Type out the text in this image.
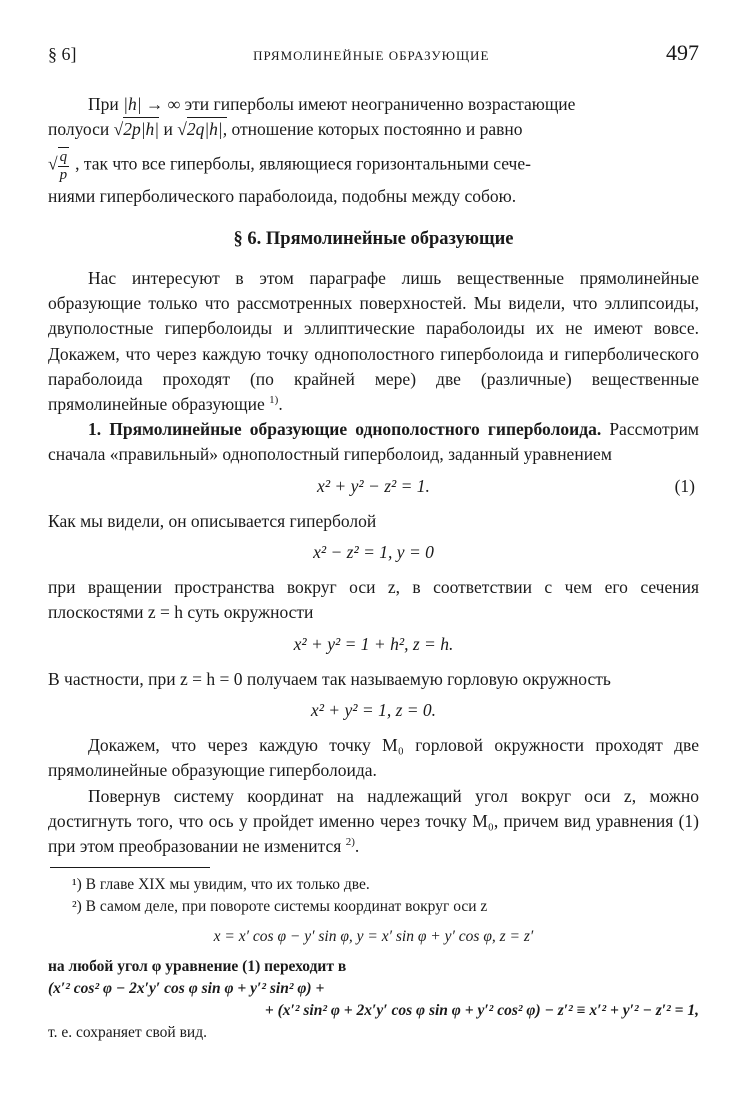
§ 6]	ПРЯМОЛИНЕЙНЫЕ ОБРАЗУЮЩИЕ	497

При |h| → ∞ эти гиперболы имеют неограниченно возрастающие

полуоси √2p|h| и √2q|h|, отношение которых постоянно и равно

√ $\frac{q}{p}$ , так что все гиперболы, являющиеся горизонтальными сече-

ниями гиперболического параболоида, подобны между собою.

§ 6. Прямолинейные образующие

Нас интересуют в этом параграфе лишь вещественные прямолинейные образующие только что рассмотренных поверхностей. Мы видели, что эллипсоиды, двуполостные гиперболоиды и эллиптические параболоиды их не имеют вовсе. Докажем, что через каждую точку однополостного гиперболоида и гиперболического параболоида проходят (по крайней мере) две (различные) вещественные прямолинейные образующие $^{1)}$.

1. Прямолинейные образующие однополостного гиперболоида. Рассмотрим сначала «правильный» однополостный гиперболоид, заданный уравнением

x² + y² − z² = 1.	(1)

Как мы видели, он описывается гиперболой

x² − z² = 1, y = 0

при вращении пространства вокруг оси z, в соответствии с чем его сечения плоскостями z = h суть окружности

x² + y² = 1 + h², z = h.

В частности, при z = h = 0 получаем так называемую горловую окружность

x² + y² = 1, z = 0.

Докажем, что через каждую точку M₀ горловой окружности проходят две прямолинейные образующие гиперболоида.

Повернув систему координат на надлежащий угол вокруг оси z, можно достигнуть того, что ось y пройдет именно через точку M₀, причем вид уравнения (1) при этом преобразовании не изменится $^{2)}$.

¹) В главе XIX мы увидим, что их только две.

²) В самом деле, при повороте системы координат вокруг оси z

x = x′ cos φ − y′ sin φ, y = x′ sin φ + y′ cos φ, z = z′

на любой угол φ уравнение (1) переходит в

(x′² cos² φ − 2x′y′ cos φ sin φ + y′² sin² φ) +

+ (x′² sin² φ + 2x′y′ cos φ sin φ + y′² cos² φ) − z′² ≡ x′² + y′² − z′² = 1,

т. е. сохраняет свой вид.
